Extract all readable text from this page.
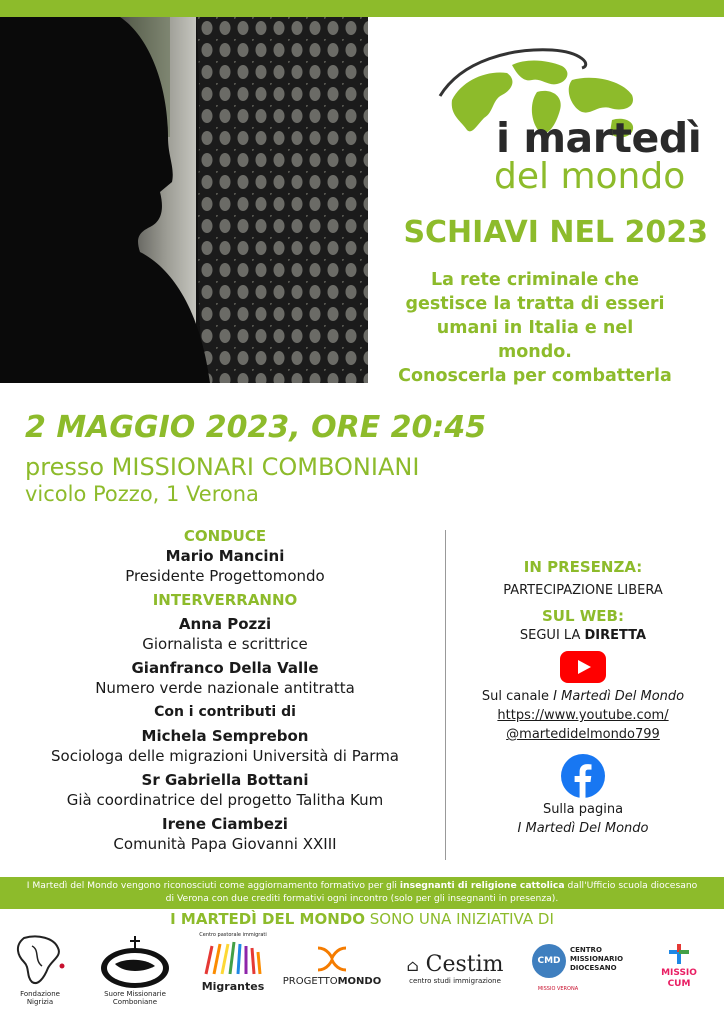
i martedì
del mondo
SCHIAVI NEL 2023
La rete criminale che
gestisce la tratta di esseri
umani in Italia e nel
mondo.
Conoscerla per combatterla
2 MAGGIO 2023, ORE 20:45
presso MISSIONARI COMBONIANI
vicolo Pozzo, 1 Verona
CONDUCE
Mario Mancini
Presidente Progettomondo
INTERVERRANNO
Anna Pozzi
Giornalista e scrittrice
Gianfranco Della Valle
Numero verde nazionale antitratta
Con i contributi di
Michela Semprebon
Sociologa delle migrazioni Università di Parma
Sr Gabriella Bottani
Già coordinatrice del progetto Talitha Kum
Irene Ciambezi
Comunità Papa Giovanni XXIII
IN PRESENZA:
PARTECIPAZIONE LIBERA
SUL WEB:
SEGUI LA DIRETTA
Sul canale I Martedì Del Mondo
https://www.youtube.com/
@martedidelmondo799
Sulla pagina
I Martedì Del Mondo
I Martedì del Mondo vengono riconosciuti come aggiornamento formativo per gli insegnanti di religione cattolica dall'Ufficio scuola diocesano
di Verona con due crediti formativi ogni incontro (solo per gli insegnanti in presenza).
I MARTEDÌ DEL MONDO SONO UNA INIZIATIVA DI
Fondazione Nigrizia
Suore Missionarie Comboniane
Centro pastorale immigrati
Migrantes	PROGETTOMONDO
⌂ Cestim
centro studi immigrazione
CMD
CENTRO
MISSIONARIO
DIOCESANO
MISSIO VERONA
MISSIO
CUM
